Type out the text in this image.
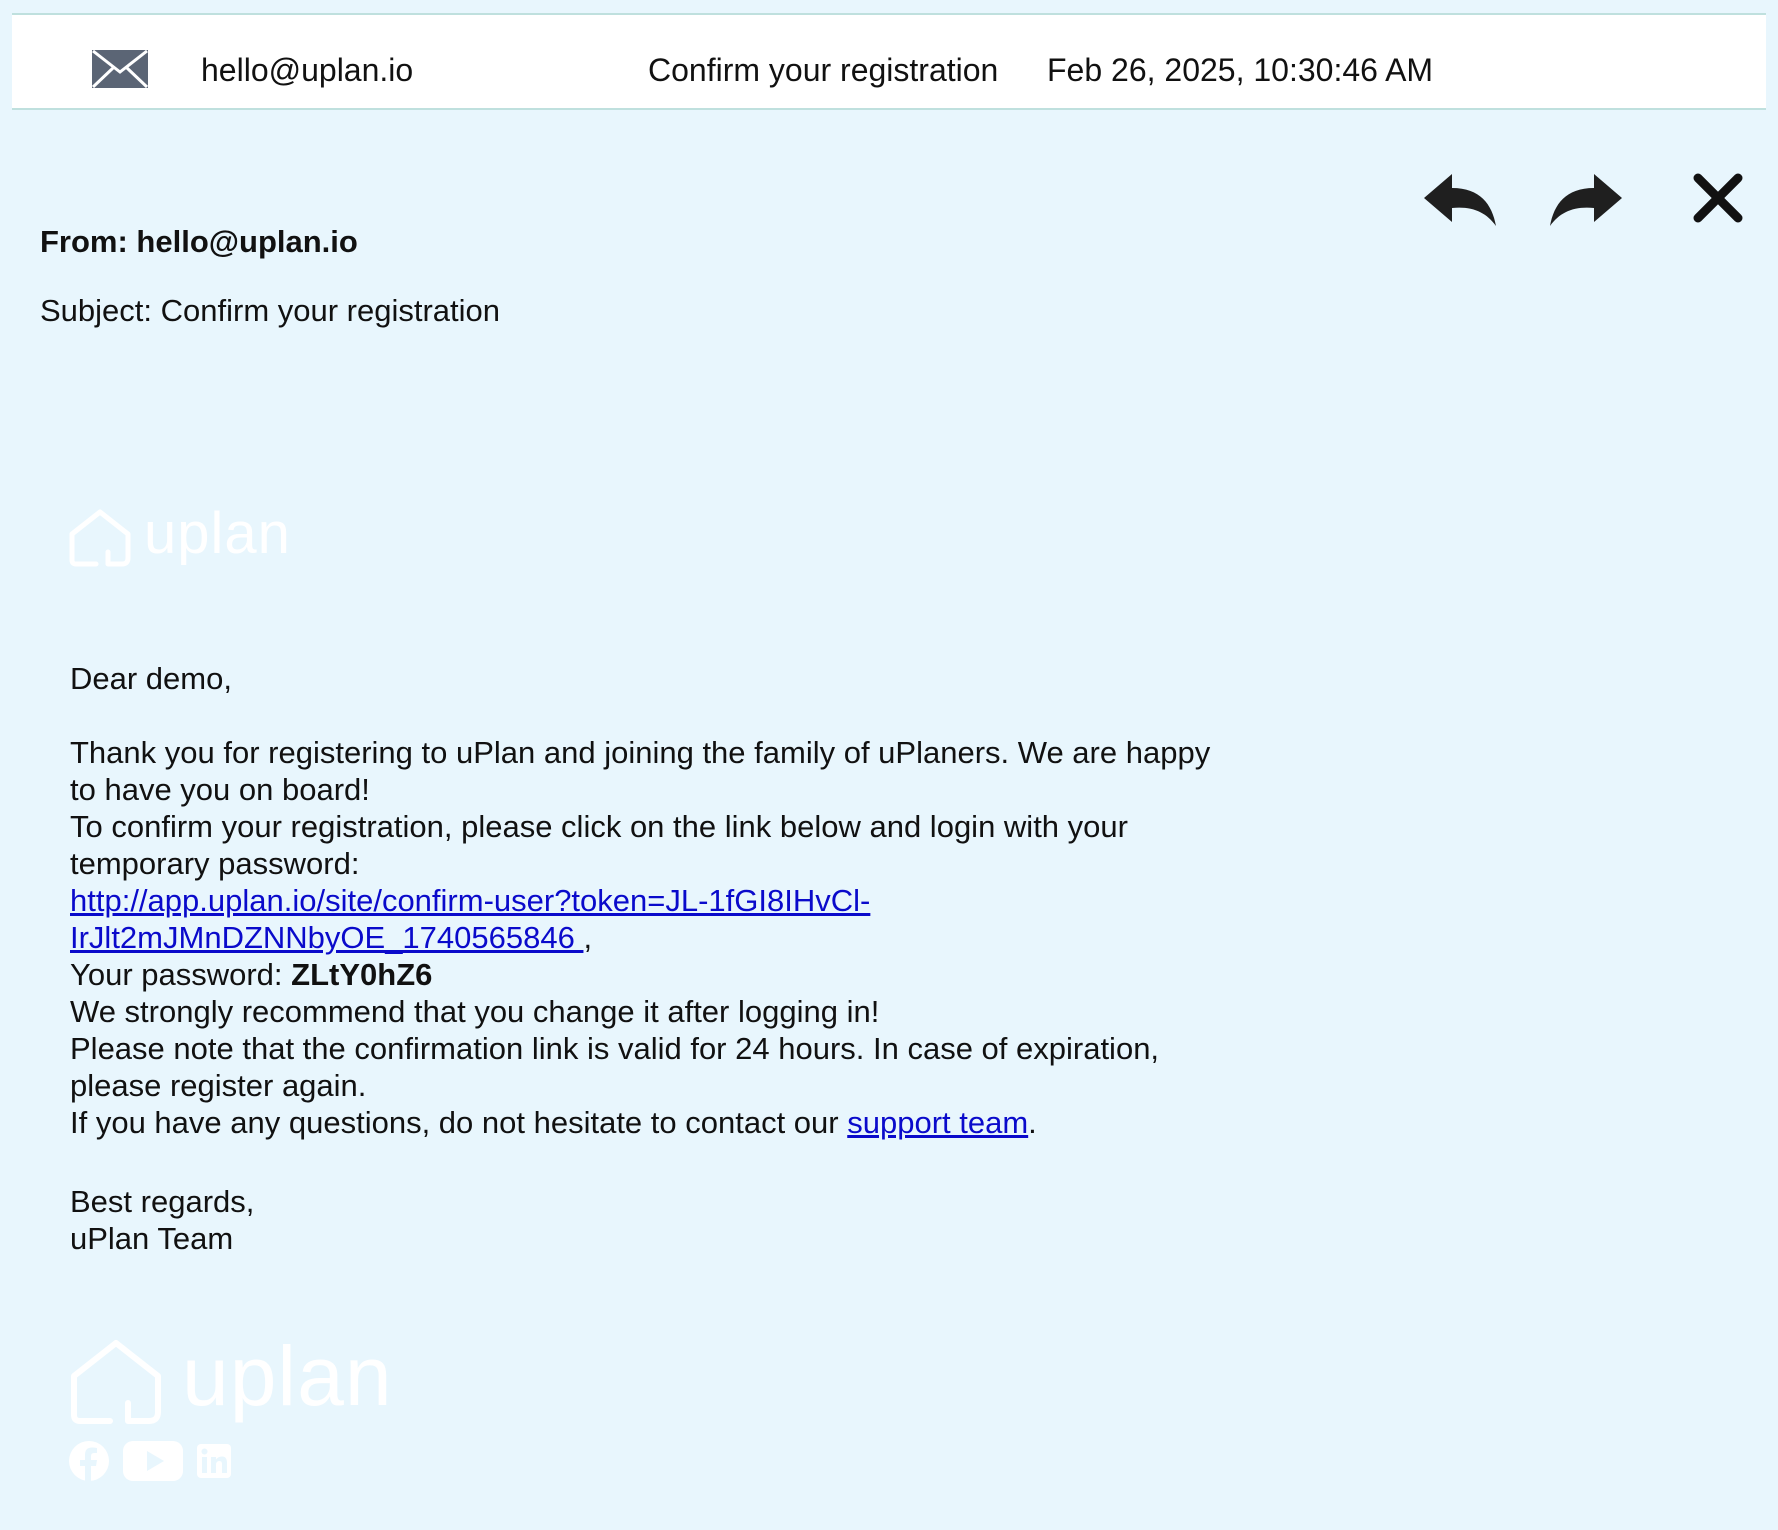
hello@uplan.io	Confirm your registration Feb 26, 2025, 10:30:46 AM
From: hello@uplan.io
Subject: Confirm your registration
uplan

Dear demo,

Thank you for registering to uPlan and joining the family of uPlaners. We are happy to have you on board!

To confirm your registration, please click on the link below and login with your temporary password:

http://app.uplan.io/site/confirm-user?token=JL-1fGI8IHvCl-
IrJlt2mJMnDZNNbyOE_1740565846 ,

Your password: ZLtY0hZ6

We strongly recommend that you change it after logging in!

Please note that the confirmation link is valid for 24 hours. In case of expiration, please register again.

If you have any questions, do not hesitate to contact our support team.

Best regards,

uPlan Team

uplan
